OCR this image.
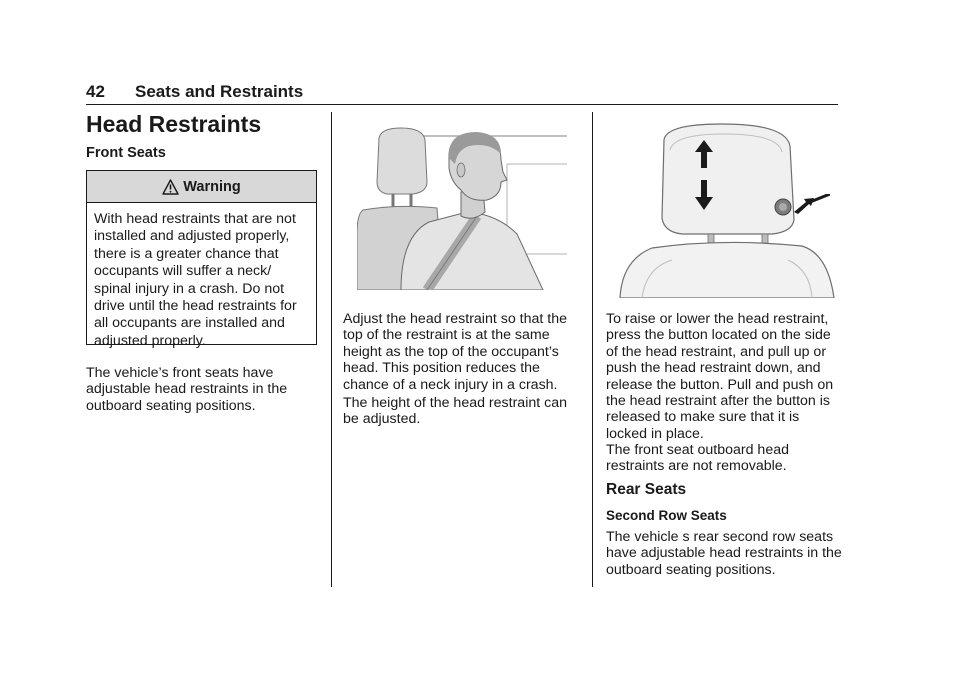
42 Seats and Restraints
Head Restraints
Front Seats
Warning
With head restraints that are not installed and adjusted properly, there is a greater chance that occupants will suffer a neck/ spinal injury in a crash. Do not drive until the head restraints for all occupants are installed and adjusted properly.

The vehicle’s front seats have adjustable head restraints in the outboard seating positions.

Adjust the head restraint so that the top of the restraint is at the same height as the top of the occupant’s head. This position reduces the chance of a neck injury in a crash.

The height of the head restraint can be adjusted.

To raise or lower the head restraint, press the button located on the side of the head restraint, and pull up or push the head restraint down, and release the button. Pull and push on the head restraint after the button is released to make sure that it is locked in place.

The front seat outboard head restraints are not removable.

Rear Seats
Second Row Seats

The vehicle s rear second row seats have adjustable head restraints in the outboard seating positions.
